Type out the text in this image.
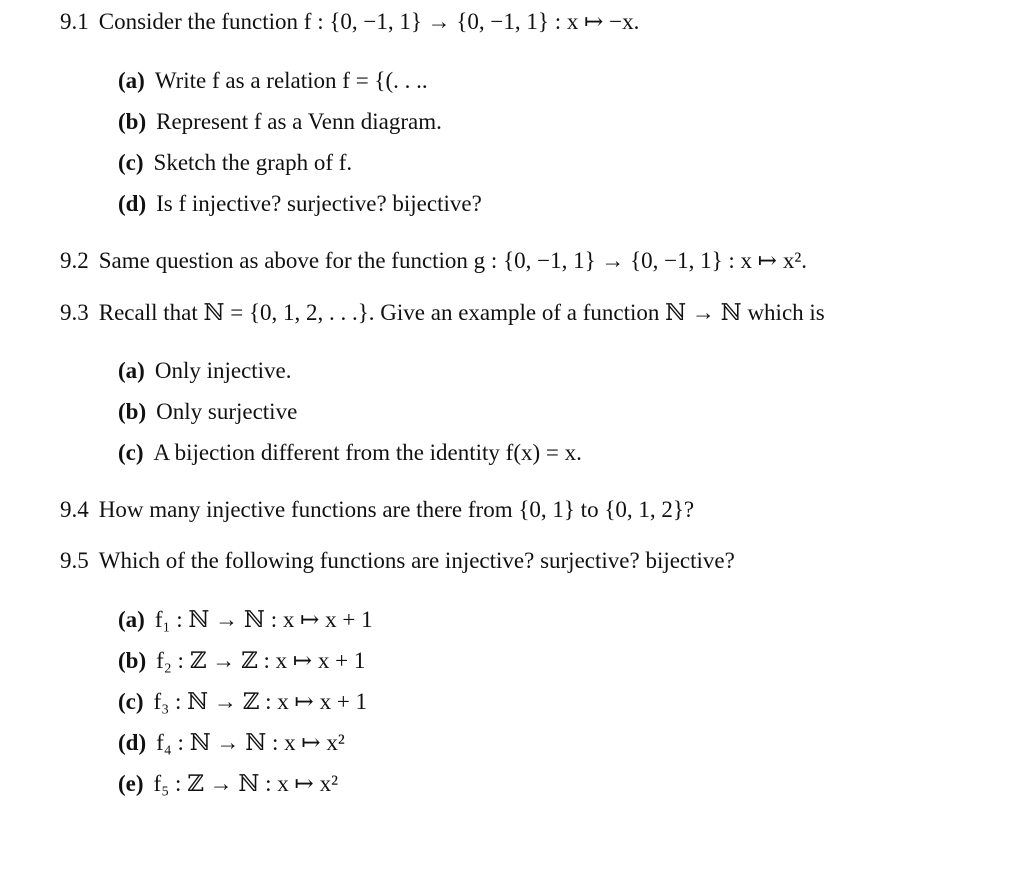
9.1 Consider the function f : {0, −1, 1} → {0, −1, 1} : x ↦ −x.
(a) Write f as a relation f = {(. . ..
(b) Represent f as a Venn diagram.
(c) Sketch the graph of f.
(d) Is f injective? surjective? bijective?
9.2 Same question as above for the function g : {0, −1, 1} → {0, −1, 1} : x ↦ x².
9.3 Recall that ℕ = {0, 1, 2, . . .}. Give an example of a function ℕ → ℕ which is
(a) Only injective.
(b) Only surjective
(c) A bijection different from the identity f(x) = x.
9.4 How many injective functions are there from {0, 1} to {0, 1, 2}?
9.5 Which of the following functions are injective? surjective? bijective?
(a) f₁ : ℕ → ℕ : x ↦ x + 1
(b) f₂ : ℤ → ℤ : x ↦ x + 1
(c) f₃ : ℕ → ℤ : x ↦ x + 1
(d) f₄ : ℕ → ℕ : x ↦ x²
(e) f₅ : ℤ → ℕ : x ↦ x²
